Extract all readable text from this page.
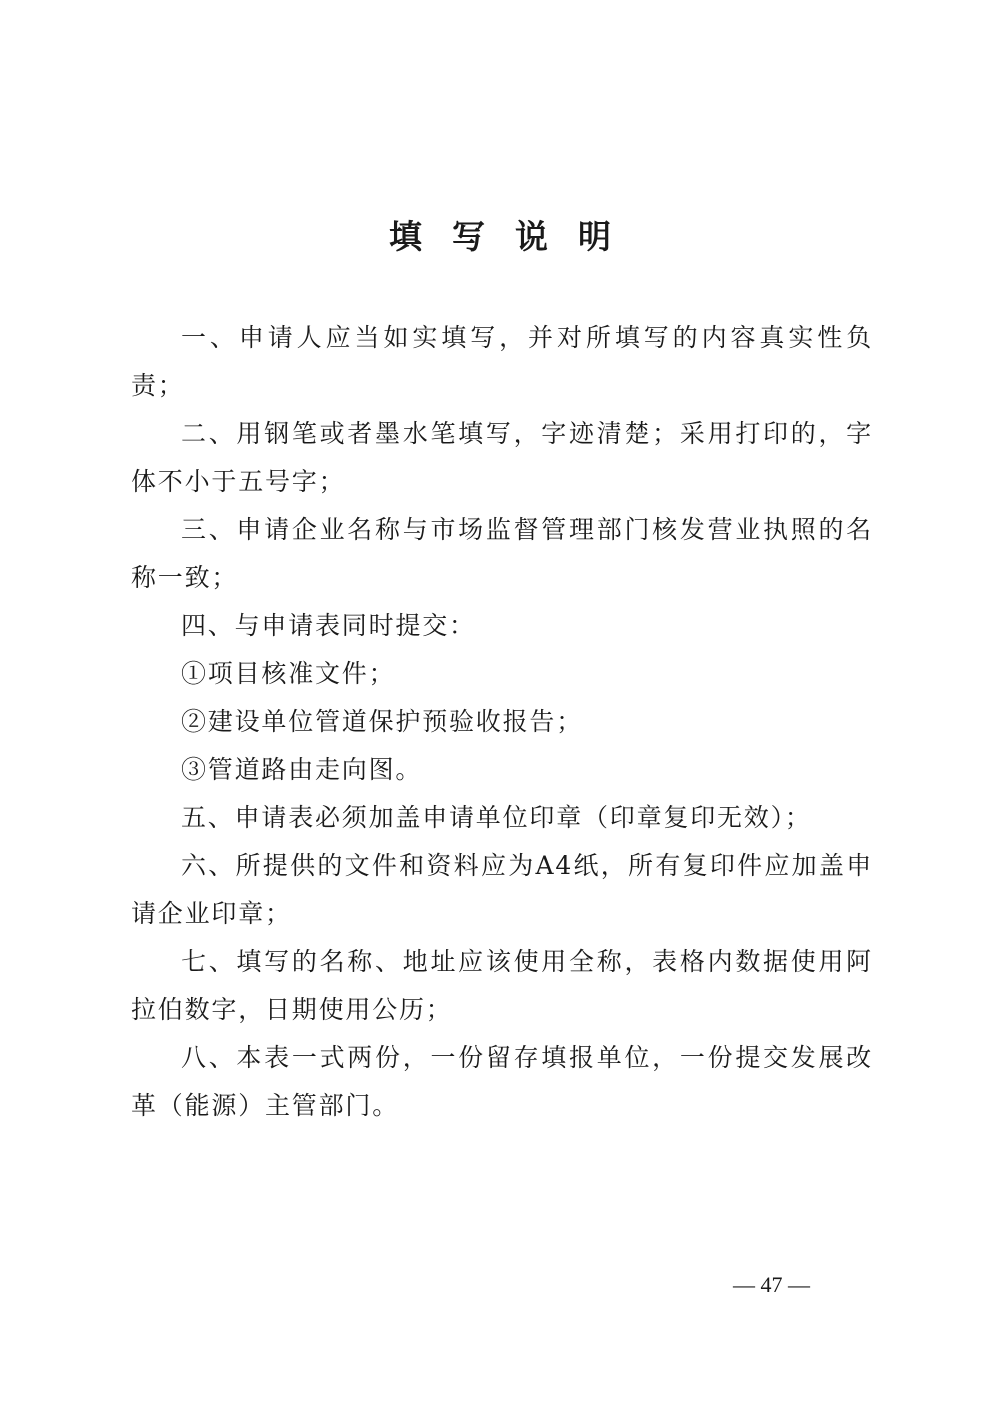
填写说明

一、申请人应当如实填写，并对所填写的内容真实性负责；

二、用钢笔或者墨水笔填写，字迹清楚；采用打印的，字体不小于五号字；

三、申请企业名称与市场监督管理部门核发营业执照的名称一致；

四、与申请表同时提交：

①项目核准文件；

②建设单位管道保护预验收报告；

③管道路由走向图。

五、申请表必须加盖申请单位印章（印章复印无效）；

六、所提供的文件和资料应为A4纸，所有复印件应加盖申请企业印章；

七、填写的名称、地址应该使用全称，表格内数据使用阿拉伯数字，日期使用公历；

八、本表一式两份，一份留存填报单位，一份提交发展改革（能源）主管部门。

— 47 —
